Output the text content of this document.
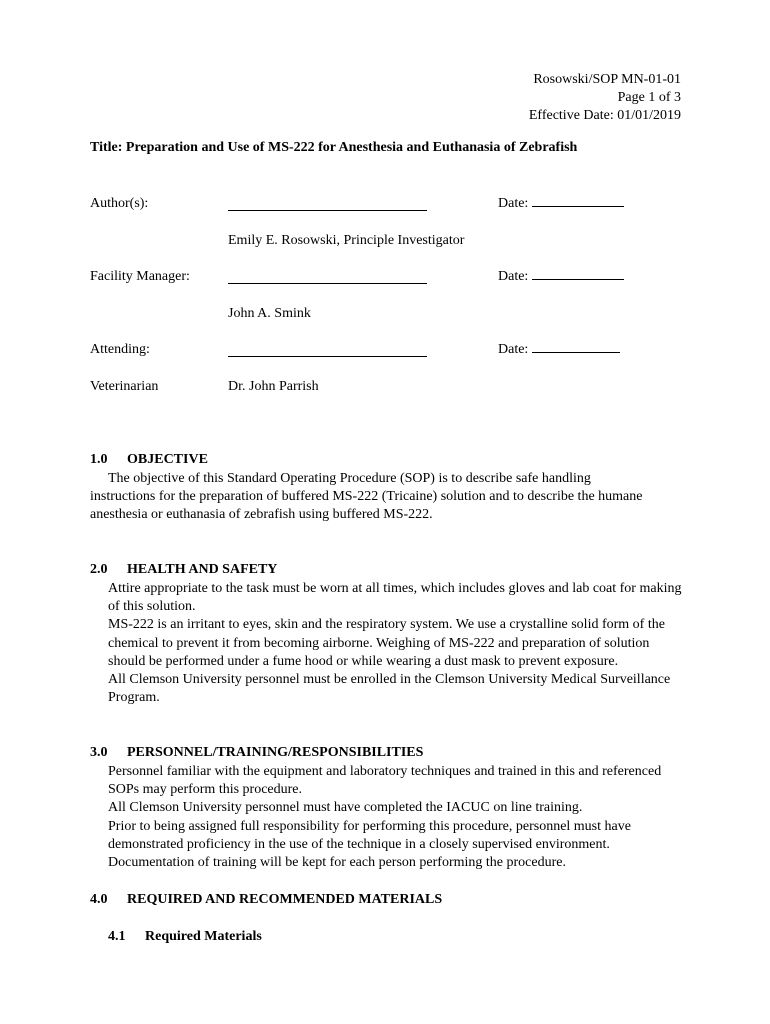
Rosowski/SOP MN-01-01
Page 1 of 3
Effective Date: 01/01/2019
Title: Preparation and Use of MS-222 for Anesthesia and Euthanasia of Zebrafish
Author(s):	Date:
Emily E. Rosowski, Principle Investigator
Facility Manager:	Date:
John A. Smink
Attending:	Date:
Veterinarian	Dr. John Parrish
1.0 OBJECTIVE
The objective of this Standard Operating Procedure (SOP) is to describe safe handling instructions for the preparation of buffered MS-222 (Tricaine) solution and to describe the humane anesthesia or euthanasia of zebrafish using buffered MS-222.
2.0 HEALTH AND SAFETY

Attire appropriate to the task must be worn at all times, which includes gloves and lab coat for making of this solution.

MS-222 is an irritant to eyes, skin and the respiratory system. We use a crystalline solid form of the chemical to prevent it from becoming airborne. Weighing of MS-222 and preparation of solution should be performed under a fume hood or while wearing a dust mask to prevent exposure.

All Clemson University personnel must be enrolled in the Clemson University Medical Surveillance Program.

3.0 PERSONNEL/TRAINING/RESPONSIBILITIES

Personnel familiar with the equipment and laboratory techniques and trained in this and referenced SOPs may perform this procedure.

All Clemson University personnel must have completed the IACUC on line training.

Prior to being assigned full responsibility for performing this procedure, personnel must have demonstrated proficiency in the use of the technique in a closely supervised environment.

Documentation of training will be kept for each person performing the procedure.

4.0 REQUIRED AND RECOMMENDED MATERIALS
4.1 Required Materials
